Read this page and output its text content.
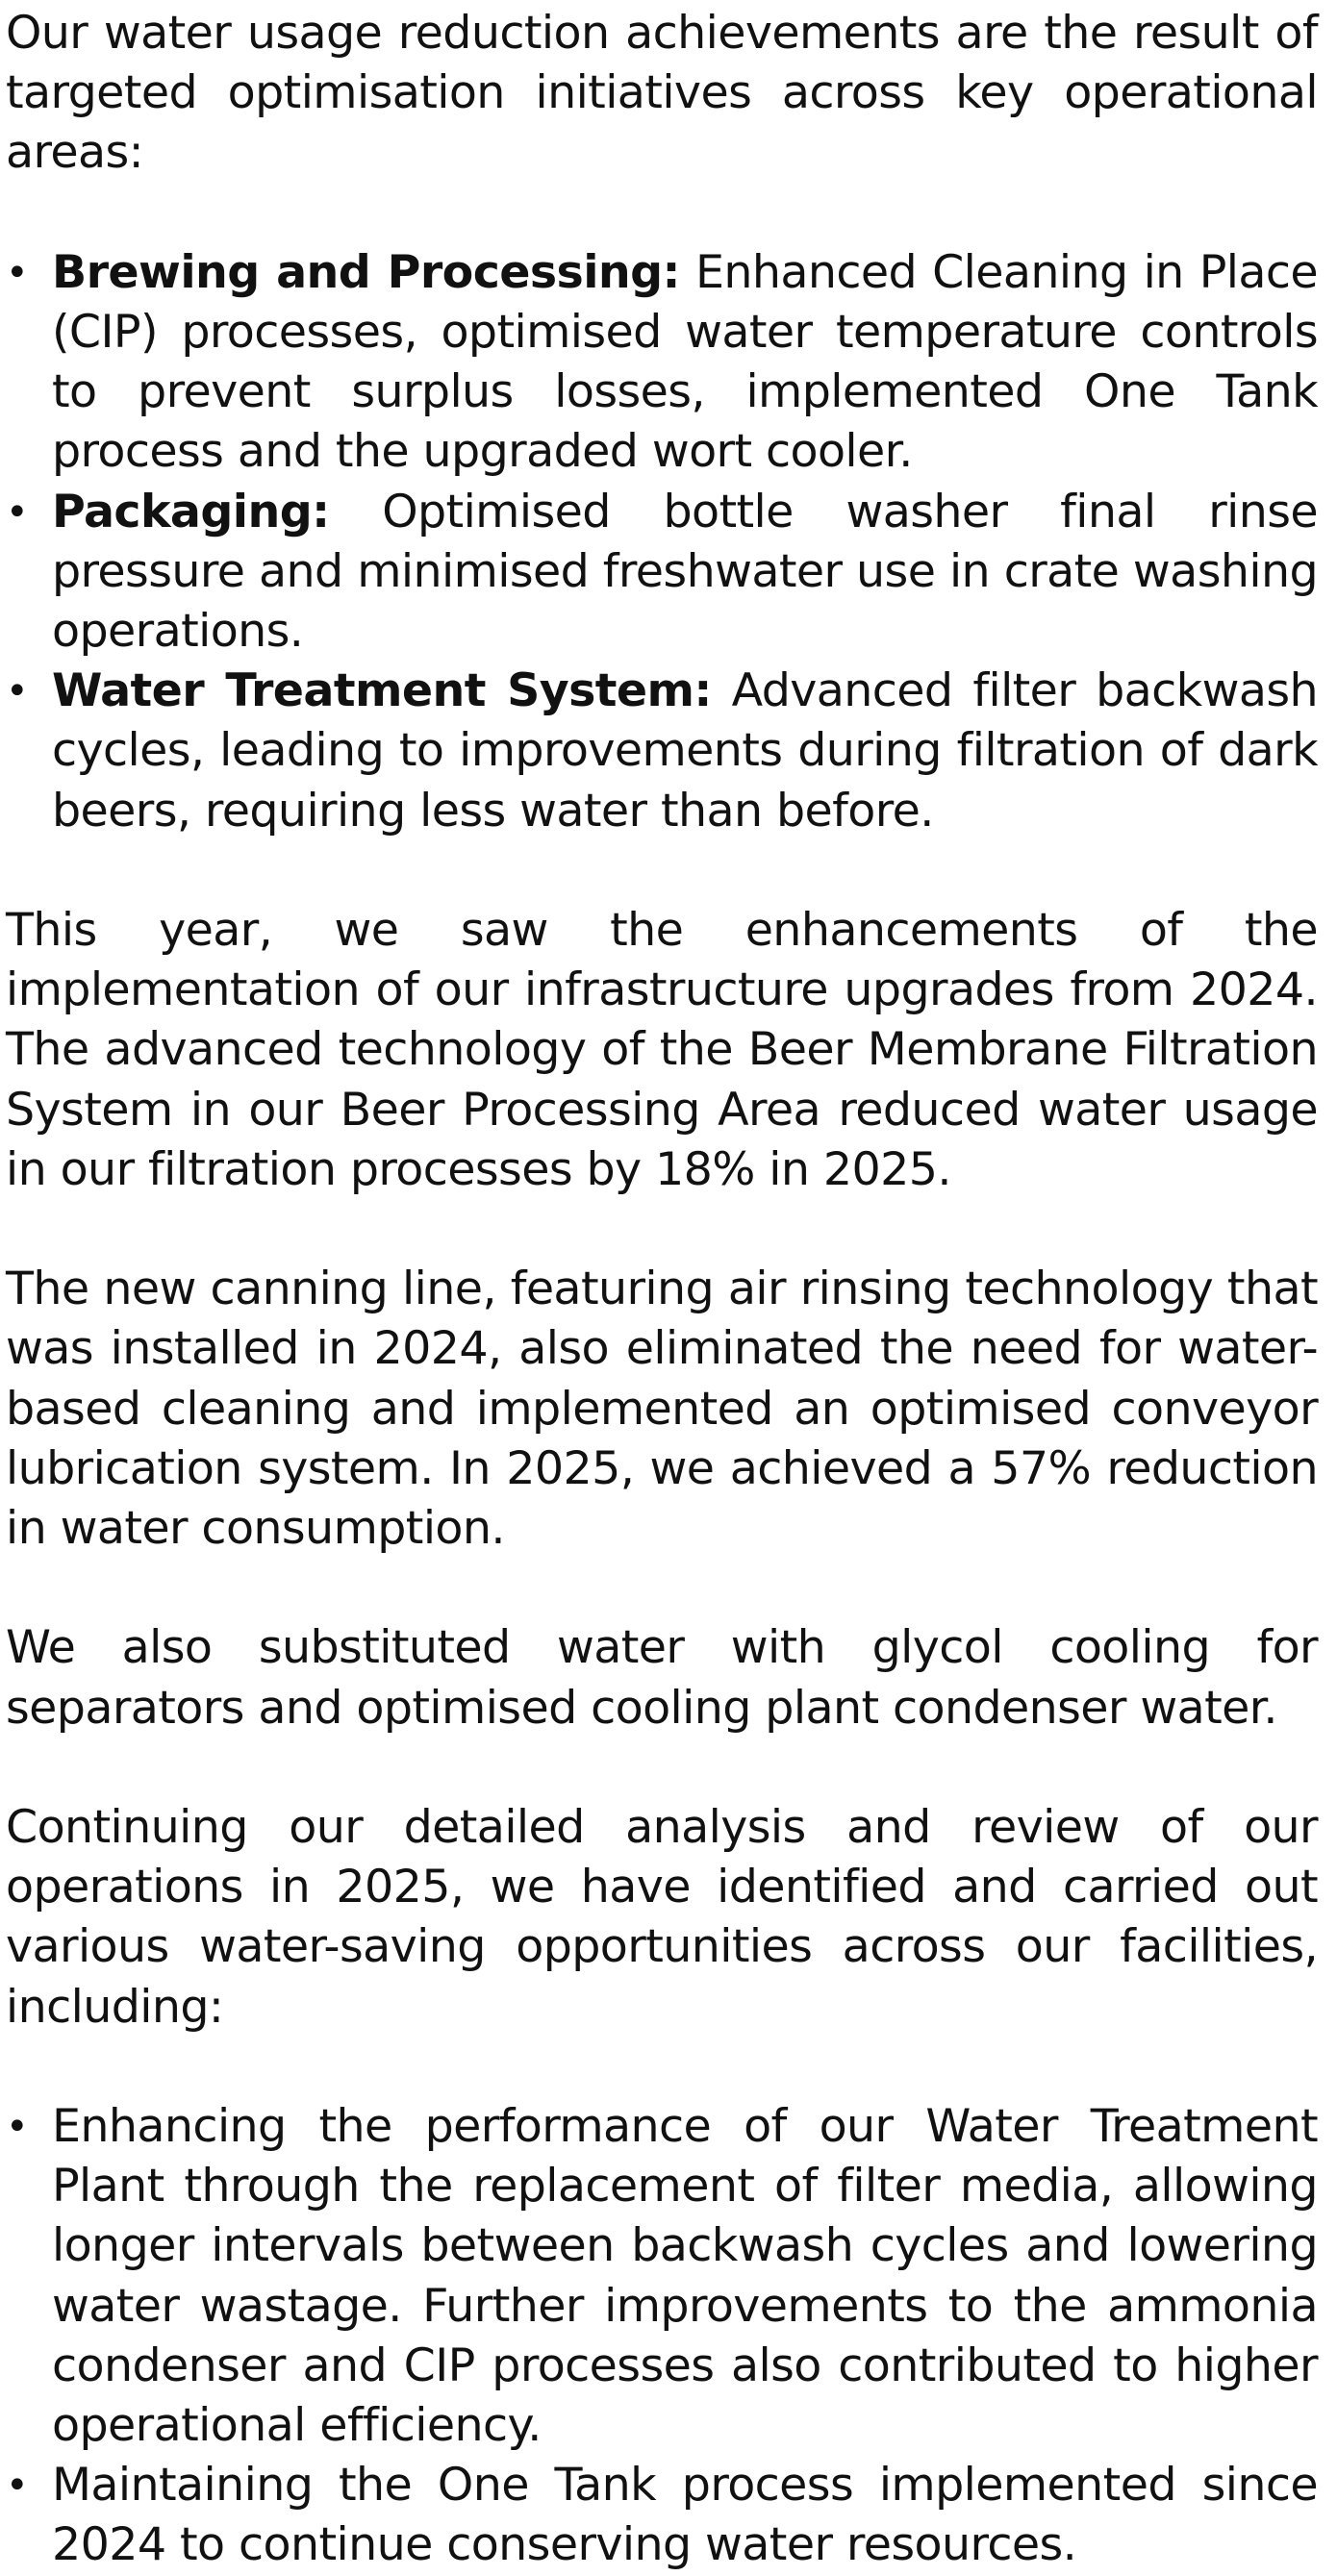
Our water usage reduction achievements are the result of targeted optimisation initiatives across key operational areas:

• Brewing and Processing: Enhanced Cleaning in Place (CIP) processes, optimised water temperature controls to prevent surplus losses, implemented One Tank process and the upgraded wort cooler.
• Packaging: Optimised bottle washer final rinse pressure and minimised freshwater use in crate washing operations.
• Water Treatment System: Advanced filter backwash cycles, leading to improvements during filtration of dark beers, requiring less water than before.

This year, we saw the enhancements of the implementation of our infrastructure upgrades from 2024. The advanced technology of the Beer Membrane Filtration System in our Beer Processing Area reduced water usage in our filtration processes by 18% in 2025.

The new canning line, featuring air rinsing technology that was installed in 2024, also eliminated the need for water-based cleaning and implemented an optimised conveyor lubrication system. In 2025, we achieved a 57% reduction in water consumption.

We also substituted water with glycol cooling for separators and optimised cooling plant condenser water.

Continuing our detailed analysis and review of our operations in 2025, we have identified and carried out various water-saving opportunities across our facilities, including:

• Enhancing the performance of our Water Treatment Plant through the replacement of filter media, allowing longer intervals between backwash cycles and lowering water wastage. Further improvements to the ammonia condenser and CIP processes also contributed to higher operational efficiency.
• Maintaining the One Tank process implemented since 2024 to continue conserving water resources.
